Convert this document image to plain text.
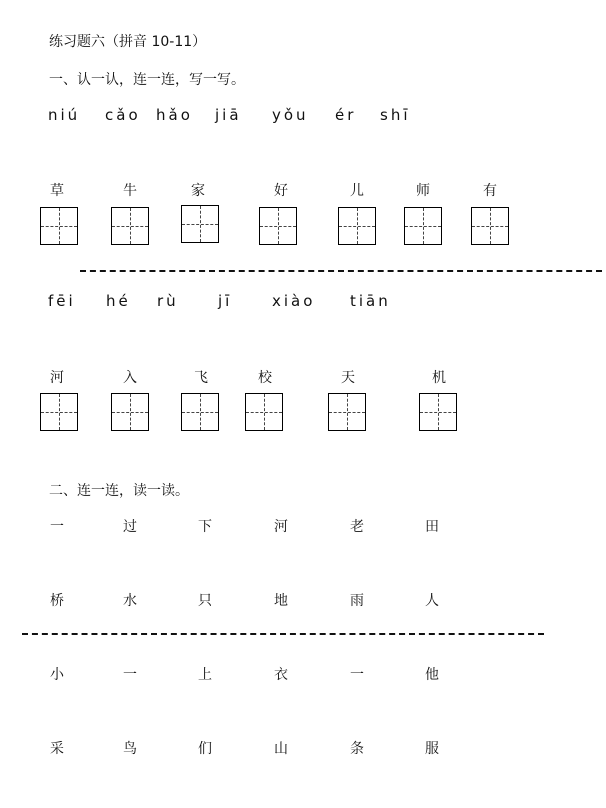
练习题六（拼音 10-11）
一、认一认，连一连，写一写。
niú cǎo hǎo jiā yǒu ér shī
草	牛	家	好	儿	师	有
fēi hé rù	jī	xiào tiān
河	入	飞	校	天	机
二、连一连，读一读。
一	过	下	河	老	田
桥	水	只	地	雨	人
小	一	上	衣	一	他
采	鸟	们	山	条	服
